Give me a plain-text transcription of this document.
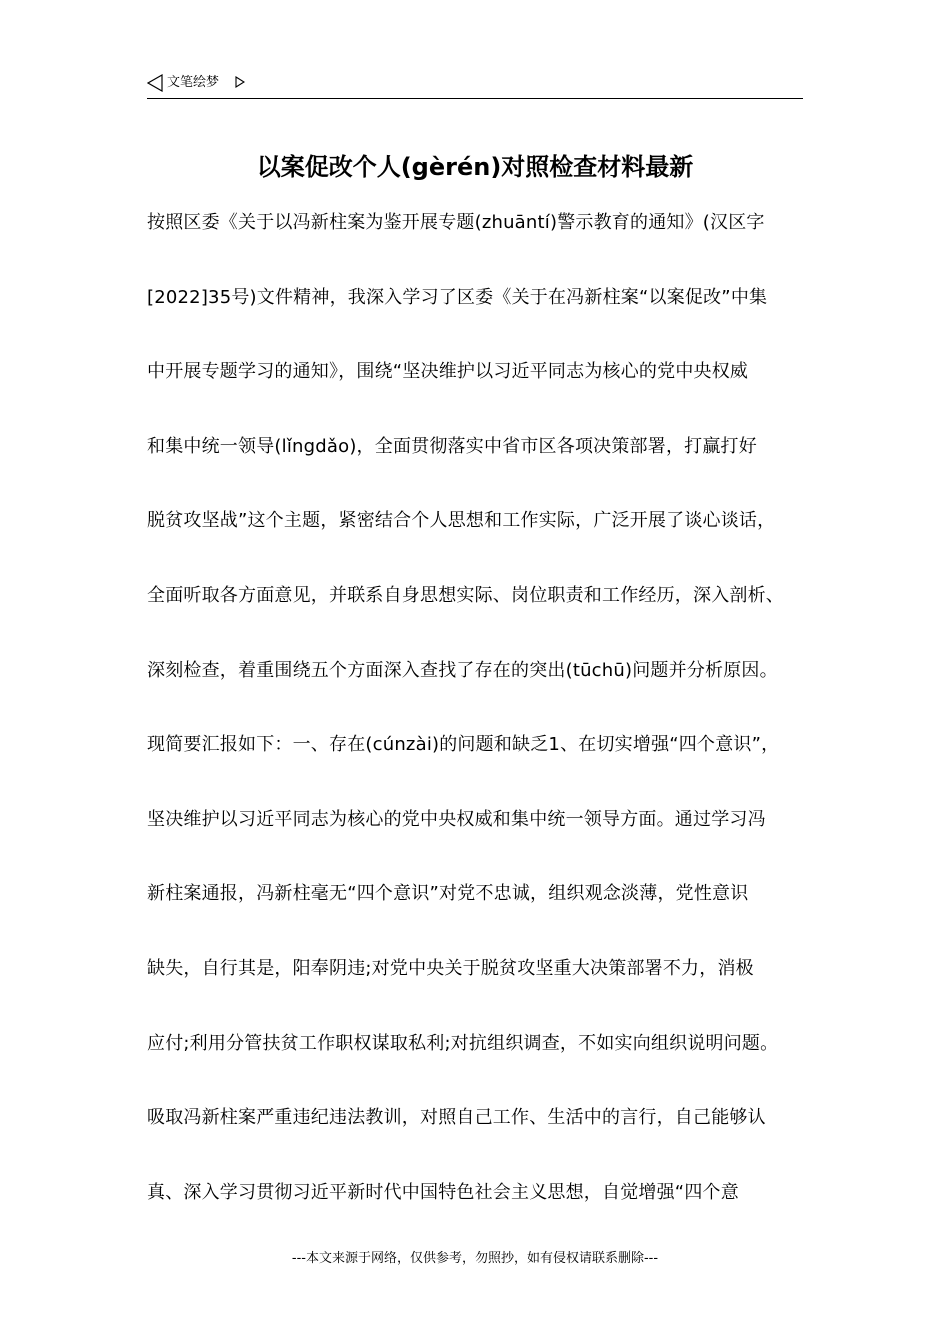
文笔绘梦
以案促改个人(gèrén)对照检查材料最新
按照区委《关于以冯新柱案为鉴开展专题(zhuāntí)警示教育的通知》(汉区字
[2022]35号)文件精神，我深入学习了区委《关于在冯新柱案“以案促改”中集
中开展专题学习的通知》，围绕“坚决维护以习近平同志为核心的党中央权威
和集中统一领导(lǐngdǎo)，全面贯彻落实中省市区各项决策部署，打赢打好
脱贫攻坚战”这个主题，紧密结合个人思想和工作实际，广泛开展了谈心谈话，
全面听取各方面意见，并联系自身思想实际、岗位职责和工作经历，深入剖析、
深刻检查，着重围绕五个方面深入查找了存在的突出(tūchū)问题并分析原因。
现简要汇报如下：一、存在(cúnzài)的问题和缺乏1、在切实增强“四个意识”，
坚决维护以习近平同志为核心的党中央权威和集中统一领导方面。通过学习冯
新柱案通报，冯新柱毫无“四个意识”对党不忠诚，组织观念淡薄，党性意识
缺失，自行其是，阳奉阴违;对党中央关于脱贫攻坚重大决策部署不力，消极
应付;利用分管扶贫工作职权谋取私利;对抗组织调查，不如实向组织说明问题。
吸取冯新柱案严重违纪违法教训，对照自己工作、生活中的言行，自己能够认
真、深入学习贯彻习近平新时代中国特色社会主义思想，自觉增强“四个意
---本文来源于网络，仅供参考，勿照抄，如有侵权请联系删除---
